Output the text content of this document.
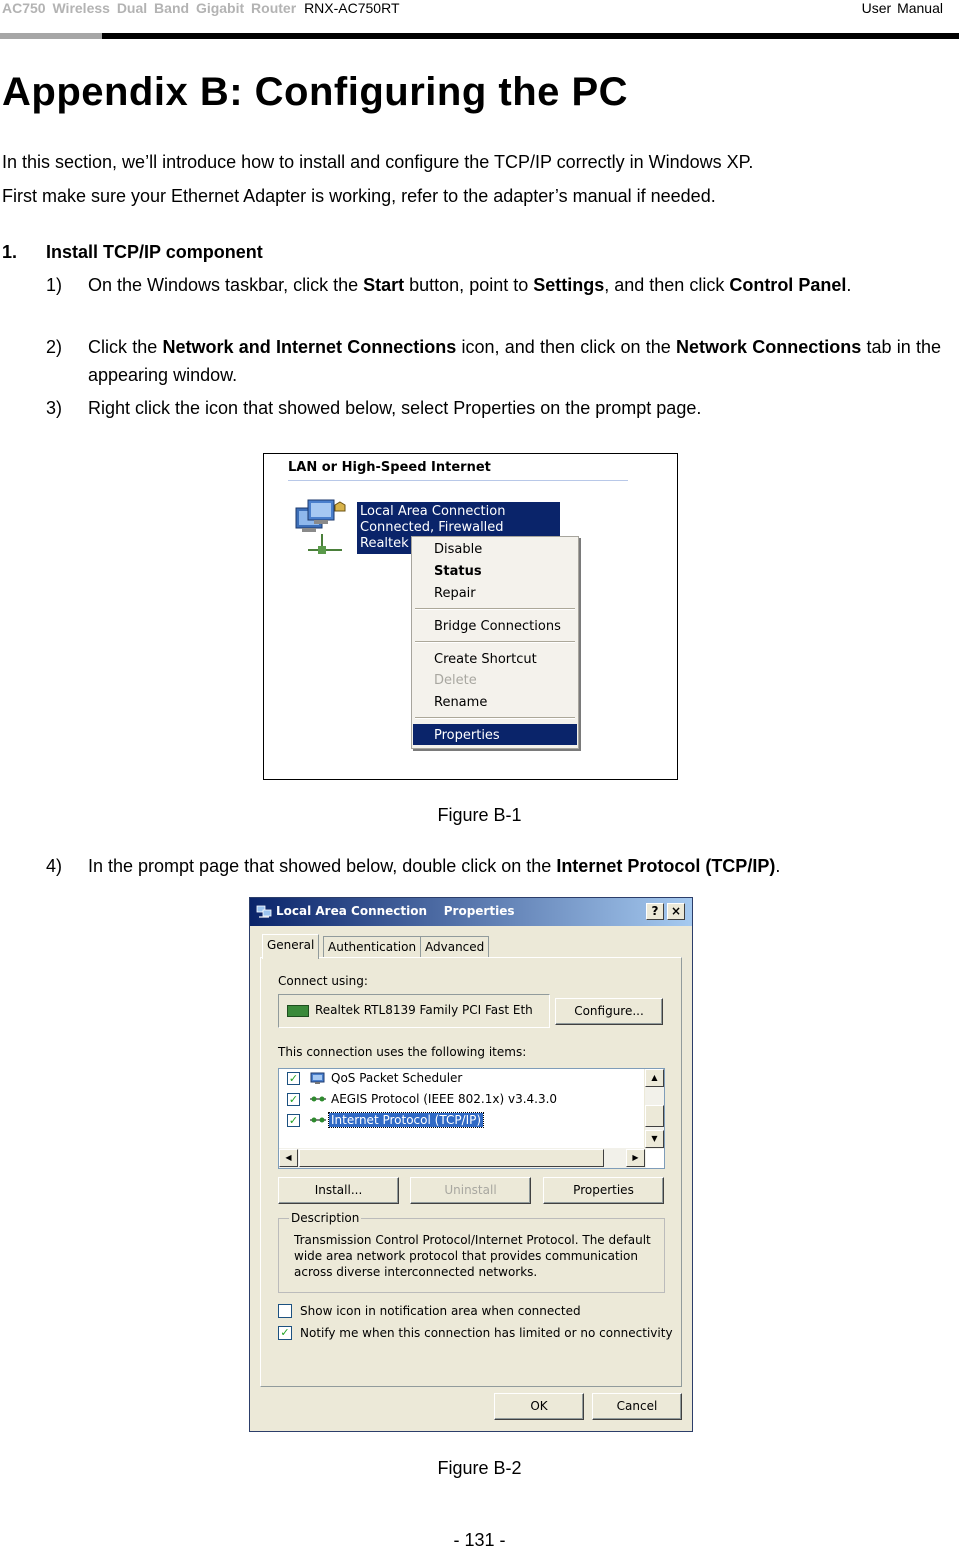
AC750 Wireless Dual Band Gigabit Router RNX-AC750RT	User Manual
Appendix B: Configuring the PC
In this section, we’ll introduce how to install and configure the TCP/IP correctly in Windows XP.
First make sure your Ethernet Adapter is working, refer to the adapter’s manual if needed.
1. Install TCP/IP component
1) On the Windows taskbar, click the Start button, point to Settings, and then click Control Panel.
2) Click the Network and Internet Connections icon, and then click on the Network Connections tab in the appearing window.
3) Right click the icon that showed below, select Properties on the prompt page.
LAN or High-Speed Internet
Local Area Connection
Connected, Firewalled
Realtek Disable
Status
Repair
Bridge Connections
Create Shortcut
Delete
Rename
Properties
Figure B-1
4) In the prompt page that showed below, double click on the Internet Protocol (TCP/IP).
Local Area Connection    Properties	?	×
General	Authentication Advanced
Connect using:
Realtek RTL8139 Family PCI Fast Eth	Configure...
This connection uses the following items:
✓	QoS Packet Scheduler
✓	AEGIS Protocol (IEEE 802.1x) v3.4.3.0
✓	Internet Protocol (TCP/IP)
▲
▼
◀	▶
Install...	Uninstall	Properties
Description
Transmission Control Protocol/Internet Protocol. The default wide area network protocol that provides communication across diverse interconnected networks.
Show icon in notification area when connected
✓ Notify me when this connection has limited or no connectivity
OK	Cancel
Figure B-2
- 131 -
